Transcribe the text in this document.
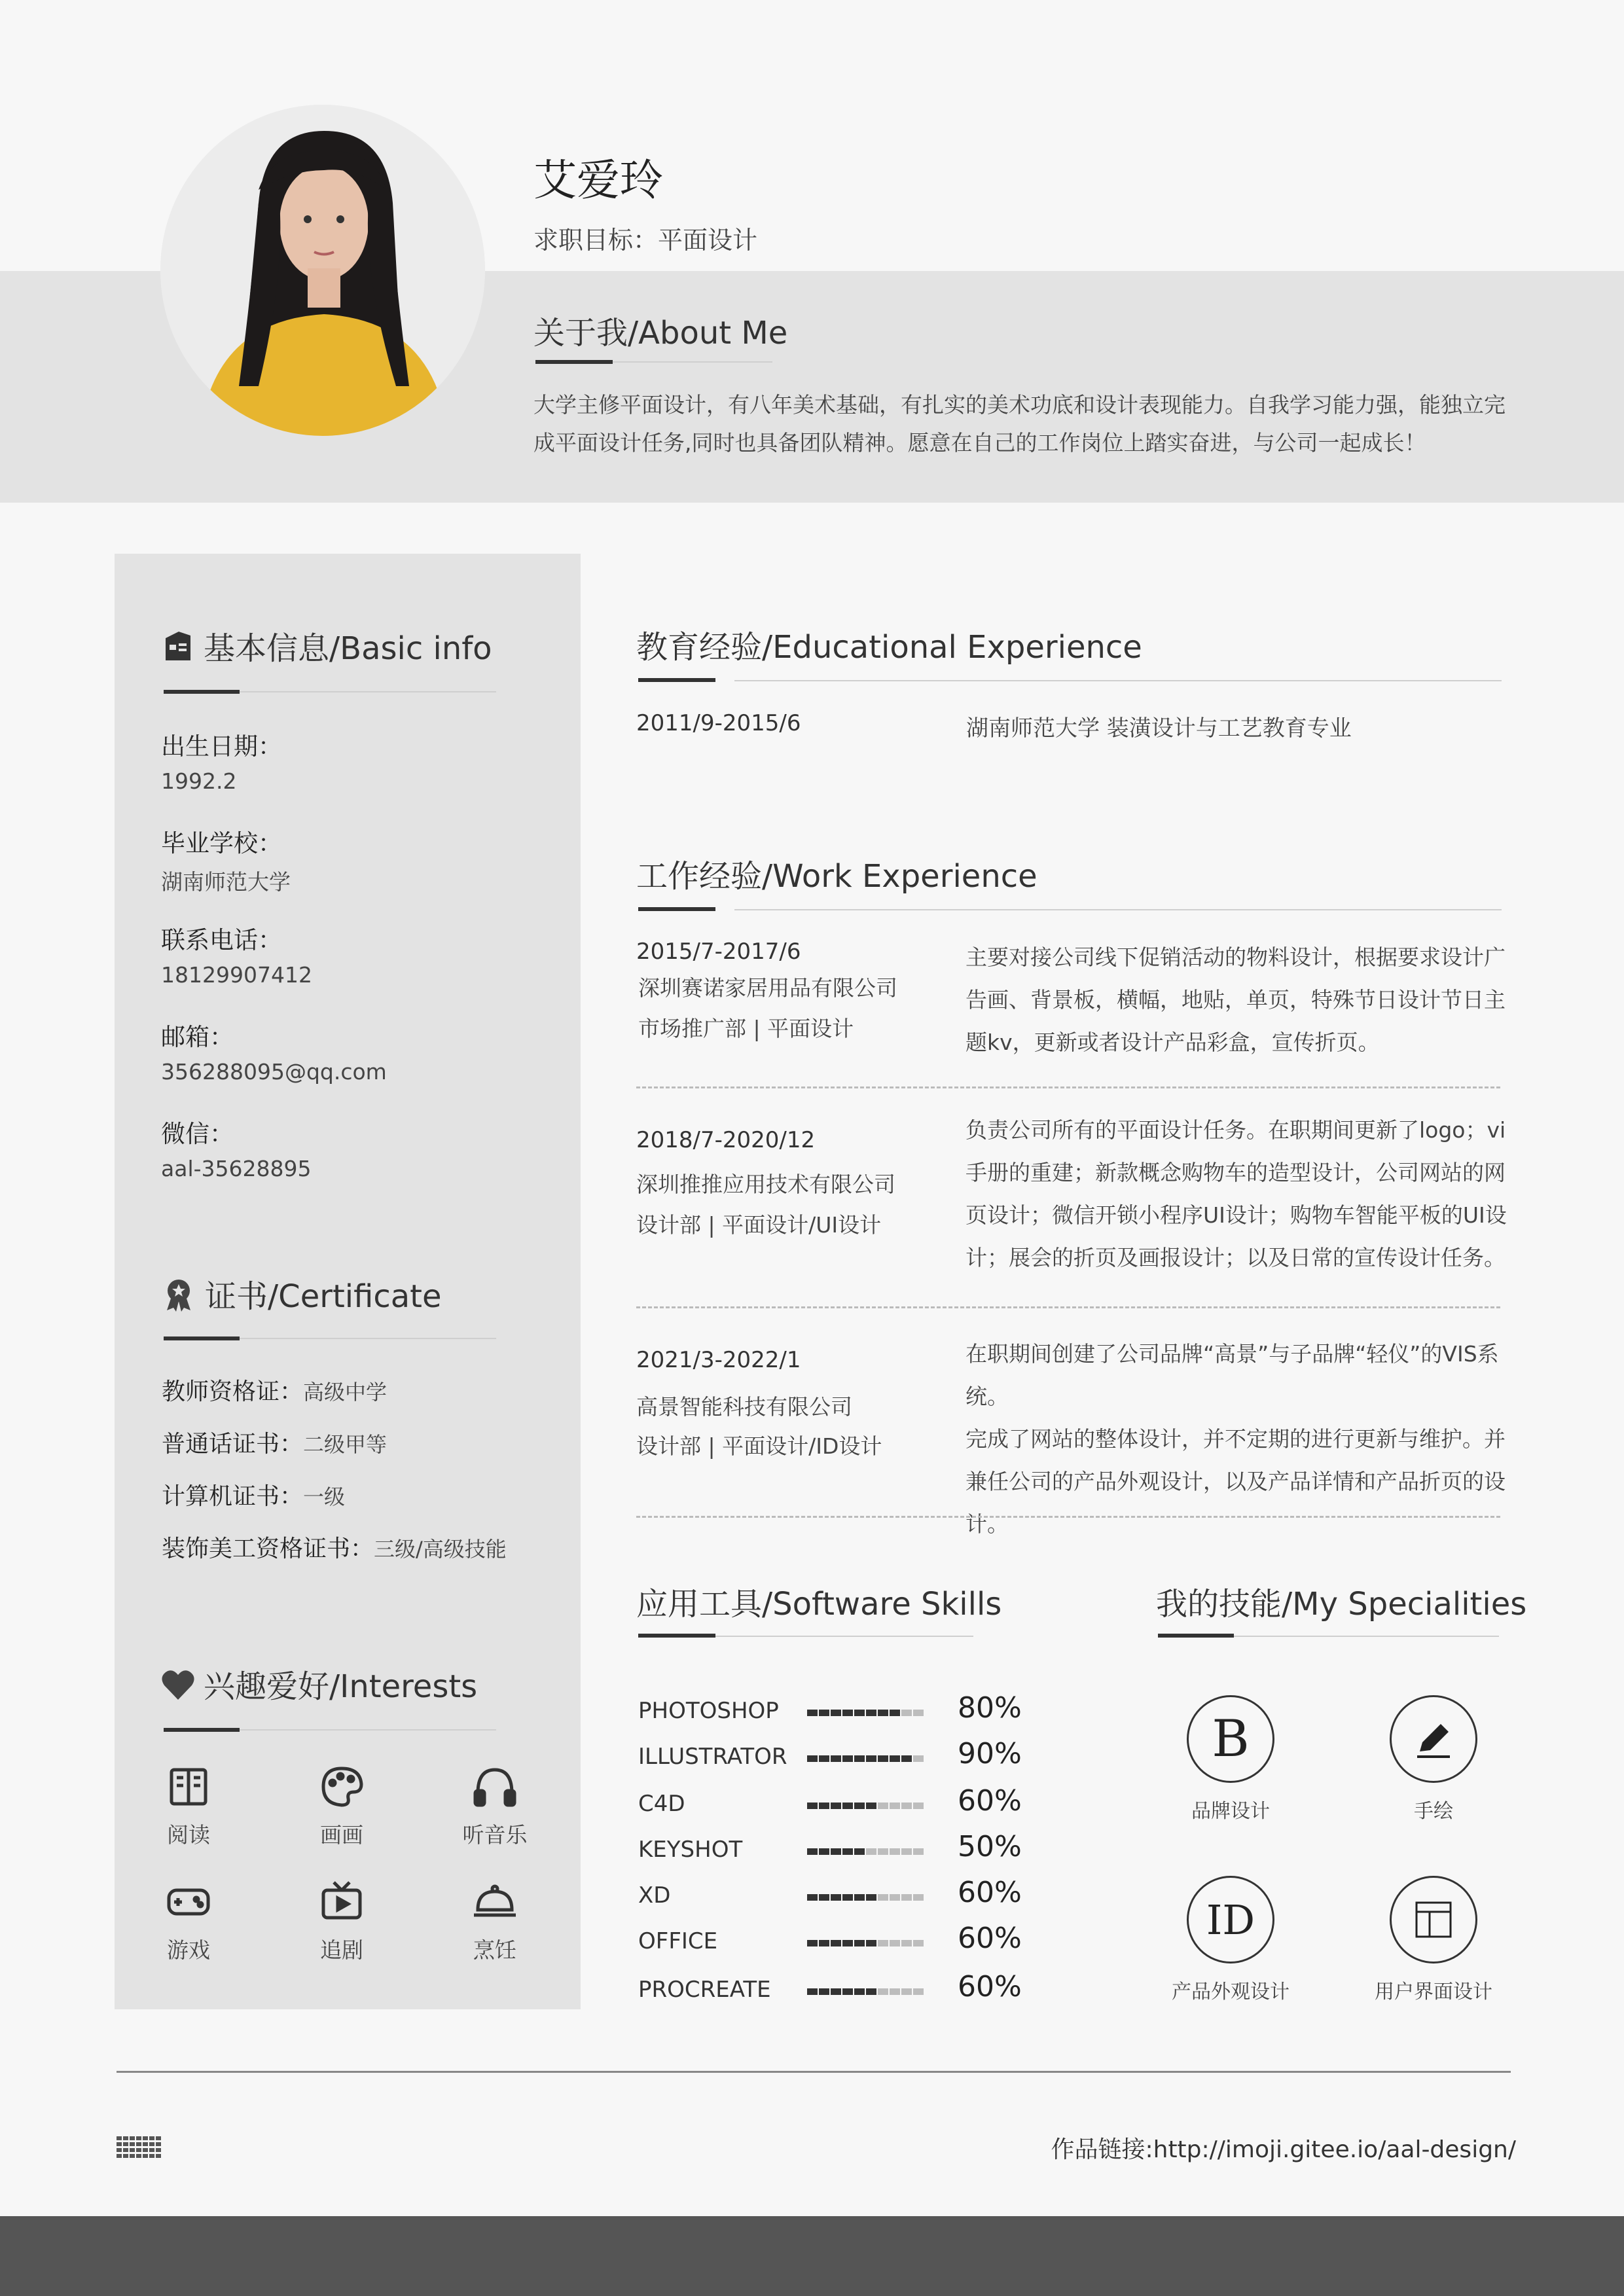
艾爱玲
求职目标：平面设计
关于我/About Me
大学主修平面设计，有八年美术基础，有扎实的美术功底和设计表现能力。自我学习能力强，能独立完成平面设计任务,同时也具备团队精神。愿意在自己的工作岗位上踏实奋进，与公司一起成长！
基本信息/Basic info
出生日期：
1992.2
毕业学校：
湖南师范大学
联系电话：
18129907412
邮箱：
356288095@qq.com
微信：
aal-35628895
证书/Certificate
教师资格证：高级中学
普通话证书：二级甲等
计算机证书：一级
装饰美工资格证书：三级/高级技能
兴趣爱好/Interests
阅读	画画	听音乐
游戏	追剧	烹饪
教育经验/Educational Experience
2011/9-2015/6	湖南师范大学 装潢设计与工艺教育专业
工作经验/Work Experience
2015/7-2017/6
深圳赛诺家居用品有限公司
市场推广部 | 平面设计
主要对接公司线下促销活动的物料设计，根据要求设计广
告画、背景板，横幅，地贴，单页，特殊节日设计节日主
题kv，更新或者设计产品彩盒，宣传折页。
2018/7-2020/12
深圳推推应用技术有限公司
设计部 | 平面设计/UI设计
负责公司所有的平面设计任务。在职期间更新了logo；vi
手册的重建；新款概念购物车的造型设计，公司网站的网
页设计；微信开锁小程序UI设计；购物车智能平板的UI设
计；展会的折页及画报设计；以及日常的宣传设计任务。
2021/3-2022/1
高景智能科技有限公司
设计部 | 平面设计/ID设计
在职期间创建了公司品牌“高景”与子品牌“轻仪”的VIS系统。
完成了网站的整体设计，并不定期的进行更新与维护。并
兼任公司的产品外观设计，以及产品详情和产品折页的设
计。
应用工具/Software Skills
PHOTOSHOP	80%
ILLUSTRATOR	90%
C4D	60%
KEYSHOT	50%
XD	60%
OFFICE	60%
PROCREATE	60%
我的技能/My Specialities
B
品牌设计	手绘
ID
产品外观设计	用户界面设计
作品链接:http://imoji.gitee.io/aal-design/
